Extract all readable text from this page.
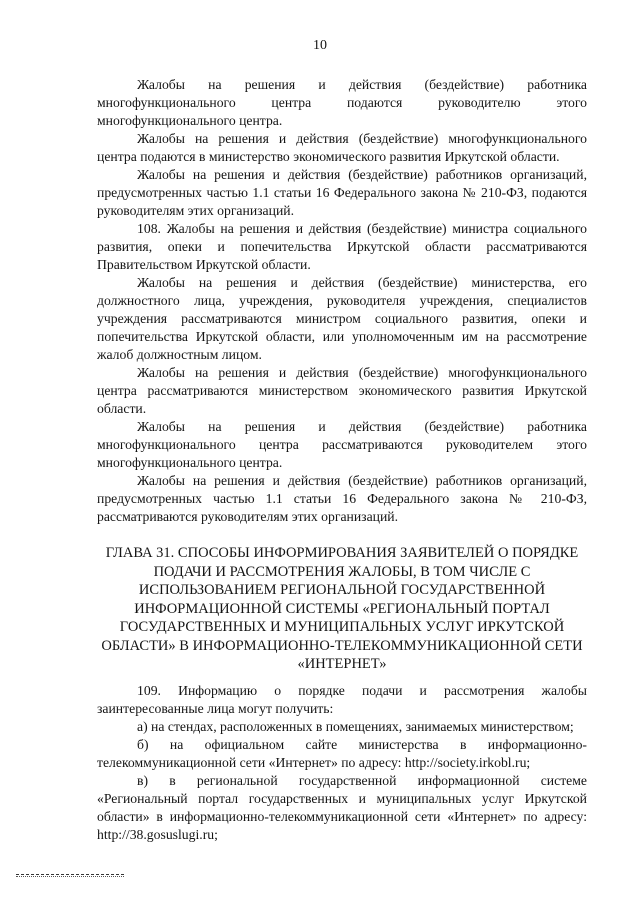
10

Жалобы на решения и действия (бездействие) работника многофункционального центра подаются руководителю этого многофункционального центра.

Жалобы на решения и действия (бездействие) многофункционального центра подаются в министерство экономического развития Иркутской области.

Жалобы на решения и действия (бездействие) работников организаций, предусмотренных частью 1.1 статьи 16 Федерального закона № 210-ФЗ, подаются руководителям этих организаций.

108. Жалобы на решения и действия (бездействие) министра социального развития, опеки и попечительства Иркутской области рассматриваются Правительством Иркутской области.

Жалобы на решения и действия (бездействие) министерства, его должностного лица, учреждения, руководителя учреждения, специалистов учреждения рассматриваются министром социального развития, опеки и попечительства Иркутской области, или уполномоченным им на рассмотрение жалоб должностным лицом.

Жалобы на решения и действия (бездействие) многофункционального центра рассматриваются министерством экономического развития Иркутской области.

Жалобы на решения и действия (бездействие) работника многофункционального центра рассматриваются руководителем этого многофункционального центра.

Жалобы на решения и действия (бездействие) работников организаций, предусмотренных частью 1.1 статьи 16 Федерального закона № 210-ФЗ, рассматриваются руководителям этих организаций.

ГЛАВА 31. СПОСОБЫ ИНФОРМИРОВАНИЯ ЗАЯВИТЕЛЕЙ О ПОРЯДКЕ ПОДАЧИ И РАССМОТРЕНИЯ ЖАЛОБЫ, В ТОМ ЧИСЛЕ С ИСПОЛЬЗОВАНИЕМ РЕГИОНАЛЬНОЙ ГОСУДАРСТВЕННОЙ ИНФОРМАЦИОННОЙ СИСТЕМЫ «РЕГИОНАЛЬНЫЙ ПОРТАЛ ГОСУДАРСТВЕННЫХ И МУНИЦИПАЛЬНЫХ УСЛУГ ИРКУТСКОЙ ОБЛАСТИ» В ИНФОРМАЦИОННО-ТЕЛЕКОММУНИКАЦИОННОЙ СЕТИ «ИНТЕРНЕТ»

109. Информацию о порядке подачи и рассмотрения жалобы заинтересованные лица могут получить:

а) на стендах, расположенных в помещениях, занимаемых министерством;

б) на официальном сайте министерства в информационно-телекоммуникационной сети «Интернет» по адресу: http://society.irkobl.ru;

в) в региональной государственной информационной системе «Региональный портал государственных и муниципальных услуг Иркутской области» в информационно-телекоммуникационной сети «Интернет» по адресу: http://38.gosuslugi.ru;
